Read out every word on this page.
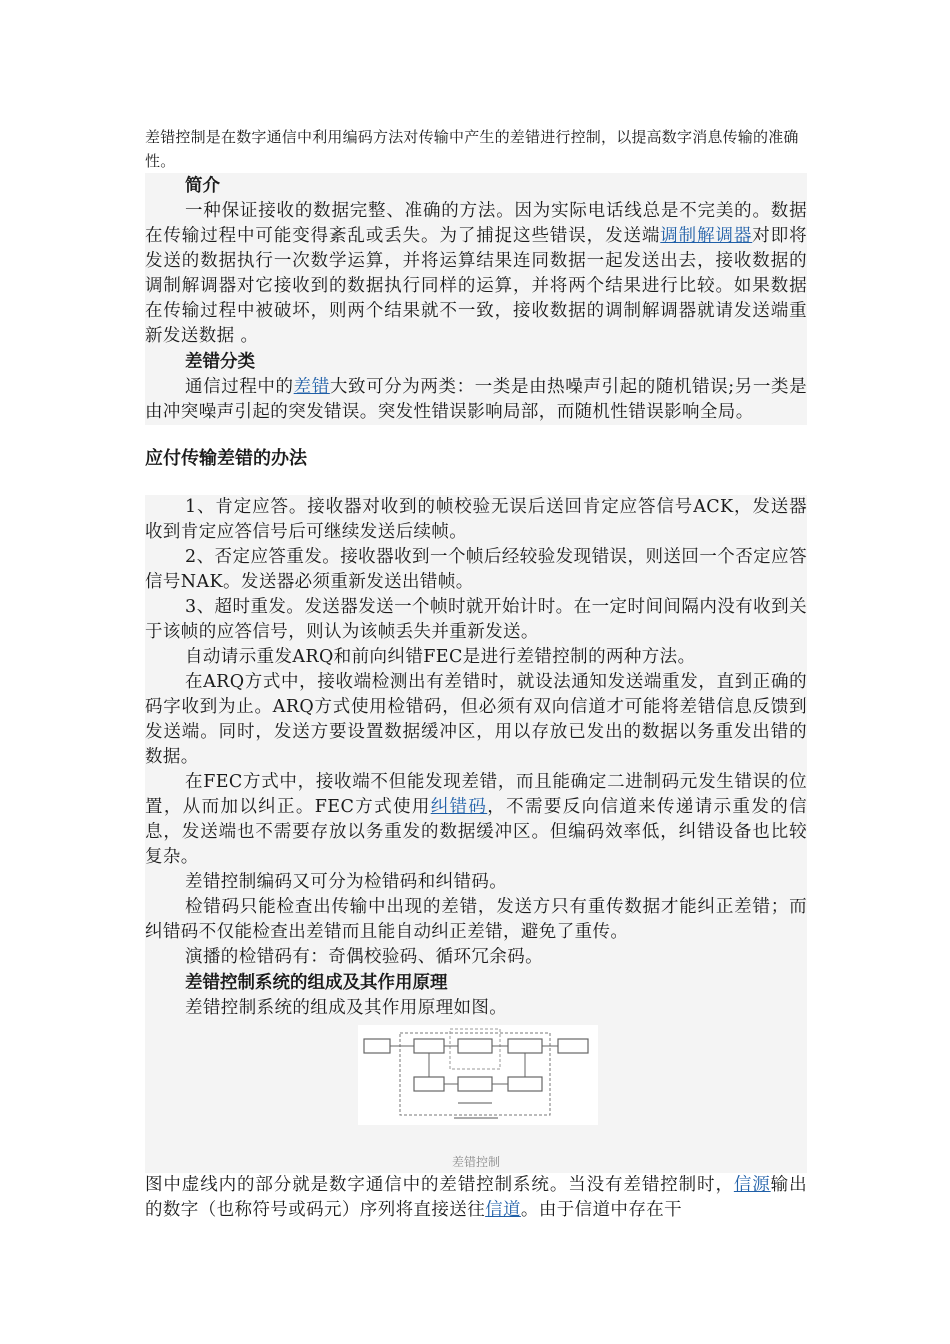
差错控制是在数字通信中利用编码方法对传输中产生的差错进行控制，以提高数字消息传输的准确性。

简介

一种保证接收的数据完整、准确的方法。因为实际电话线总是不完美的。数据在传输过程中可能变得紊乱或丢失。为了捕捉这些错误，发送端调制解调器对即将发送的数据执行一次数学运算，并将运算结果连同数据一起发送出去，接收数据的调制解调器对它接收到的数据执行同样的运算，并将两个结果进行比较。如果数据在传输过程中被破坏，则两个结果就不一致，接收数据的调制解调器就请发送端重新发送数据 。

差错分类

通信过程中的差错大致可分为两类：一类是由热噪声引起的随机错误;另一类是由冲突噪声引起的突发错误。突发性错误影响局部，而随机性错误影响全局。

应付传输差错的办法

1、肯定应答。接收器对收到的帧校验无误后送回肯定应答信号ACK，发送器收到肯定应答信号后可继续发送后续帧。

2、否定应答重发。接收器收到一个帧后经较验发现错误，则送回一个否定应答信号NAK。发送器必须重新发送出错帧。

3、超时重发。发送器发送一个帧时就开始计时。在一定时间间隔内没有收到关于该帧的应答信号，则认为该帧丢失并重新发送。

自动请示重发ARQ和前向纠错FEC是进行差错控制的两种方法。

在ARQ方式中，接收端检测出有差错时，就设法通知发送端重发，直到正确的码字收到为止。ARQ方式使用检错码，但必须有双向信道才可能将差错信息反馈到发送端。同时，发送方要设置数据缓冲区，用以存放已发出的数据以务重发出错的数据。

在FEC方式中，接收端不但能发现差错，而且能确定二进制码元发生错误的位置，从而加以纠正。FEC方式使用纠错码，不需要反向信道来传递请示重发的信息，发送端也不需要存放以务重发的数据缓冲区。但编码效率低，纠错设备也比较复杂。

差错控制编码又可分为检错码和纠错码。

检错码只能检查出传输中出现的差错，发送方只有重传数据才能纠正差错；而纠错码不仅能检查出差错而且能自动纠正差错，避免了重传。

演播的检错码有：奇偶校验码、循环冗余码。

差错控制系统的组成及其作用原理

差错控制系统的组成及其作用原理如图。

差错控制

图中虚线内的部分就是数字通信中的差错控制系统。当没有差错控制时，信源输出的数字（也称符号或码元）序列将直接送往信道。由于信道中存在干
